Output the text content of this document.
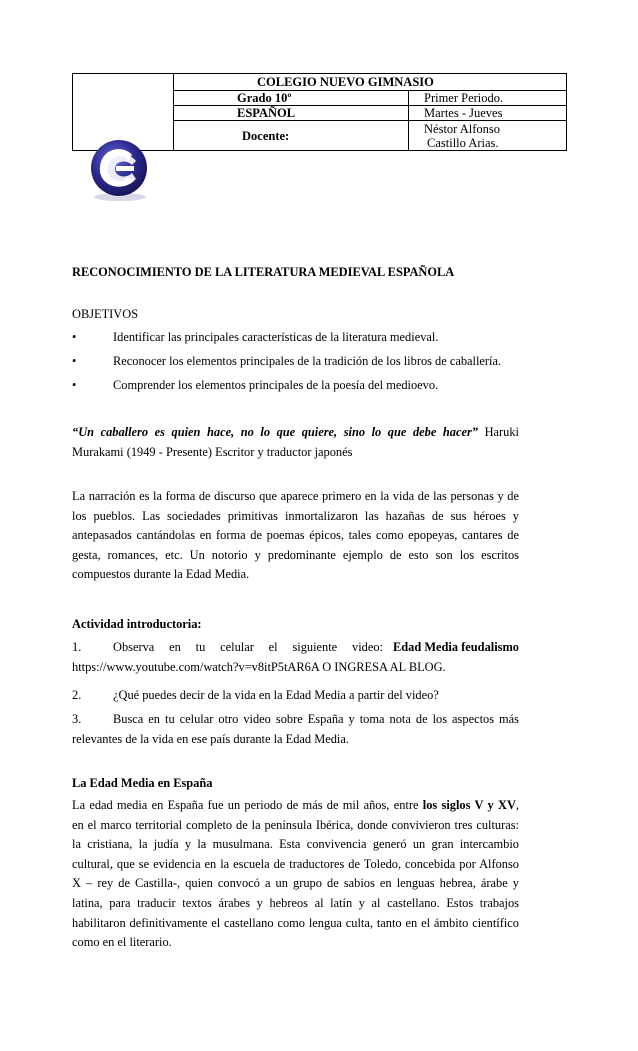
COLEGIO NUEVO GIMNASIO
Grado 10º	Primer Periodo.
ESPAÑOL	Martes - Jueves
Docente:	Néstor Alfonso
Castillo Arias.
RECONOCIMIENTO DE LA LITERATURA MEDIEVAL ESPAÑOLA
OBJETIVOS
•	Identificar las principales características de la literatura medieval.
•	Reconocer los elementos principales de la tradición de los libros de caballería.
•	Comprender los elementos principales de la poesía del medioevo.
“Un caballero es quien hace, no lo que quiere, sino lo que debe hacer” Haruki
Murakami (1949 - Presente) Escritor y traductor japonés
La narración es la forma de discurso que aparece primero en la vida de las personas y de
los pueblos. Las sociedades primitivas inmortalizaron las hazañas de sus héroes y
antepasados cantándolas en forma de poemas épicos, tales como epopeyas, cantares de
gesta, romances, etc. Un notorio y predominante ejemplo de esto son los escritos
compuestos durante la Edad Media.
Actividad introductoria:
1.	Observa en tu celular el siguiente video: Edad Media feudalismo
https://www.youtube.com/watch?v=v8itP5tAR6A O INGRESA AL BLOG.
2.	¿Qué puedes decir de la vida en la Edad Media a partir del video?
3.	Busca en tu celular otro video sobre España y toma nota de los aspectos más
relevantes de la vida en ese país durante la Edad Media.
La Edad Media en España
La edad media en España fue un periodo de más de mil años, entre los siglos V y XV,
en el marco territorial completo de la península Ibérica, donde convivieron tres culturas:
la cristiana, la judía y la musulmana. Esta convivencia generó un gran intercambio
cultural, que se evidencia en la escuela de traductores de Toledo, concebida por Alfonso
X – rey de Castilla-, quien convocó a un grupo de sabios en lenguas hebrea, árabe y
latina, para traducir textos árabes y hebreos al latín y al castellano. Estos trabajos
habilitaron definitivamente el castellano como lengua culta, tanto en el ámbito científico
como en el literario.
